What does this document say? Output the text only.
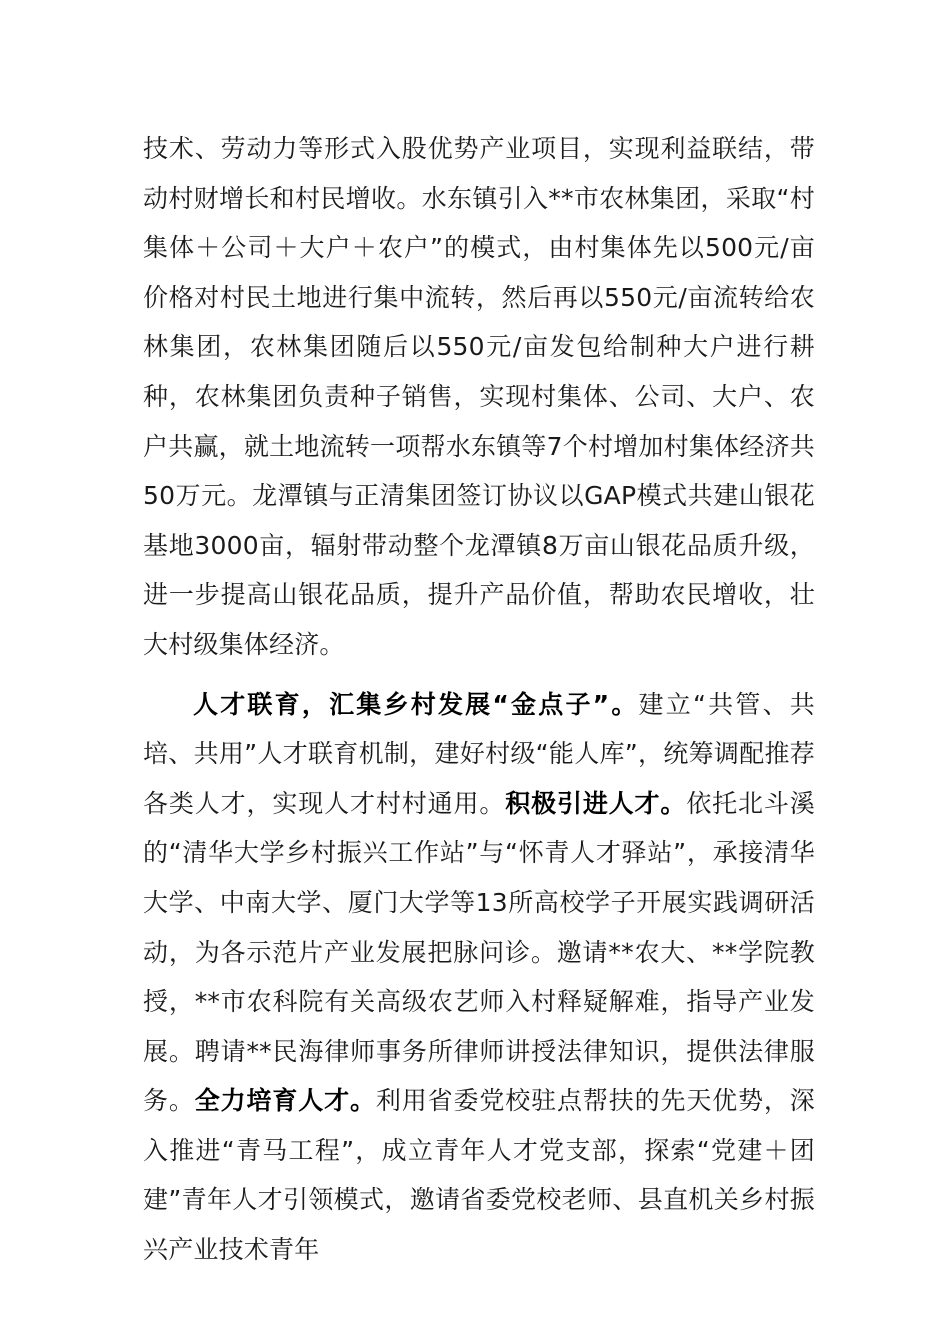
技术、劳动力等形式入股优势产业项目，实现利益联结，带动村财增长和村民增收。水东镇引入**市农林集团，采取“村集体＋公司＋大户＋农户”的模式，由村集体先以500元/亩价格对村民土地进行集中流转，然后再以550元/亩流转给农林集团，农林集团随后以550元/亩发包给制种大户进行耕种，农林集团负责种子销售，实现村集体、公司、大户、农户共赢，就土地流转一项帮水东镇等7个村增加村集体经济共50万元。龙潭镇与正清集团签订协议以GAP模式共建山银花基地3000亩，辐射带动整个龙潭镇8万亩山银花品质升级，进一步提高山银花品质，提升产品价值，帮助农民增收，壮大村级集体经济。

人才联育，汇集乡村发展“金点子”。建立“共管、共培、共用”人才联育机制，建好村级“能人库”，统筹调配推荐各类人才，实现人才村村通用。积极引进人才。依托北斗溪的“清华大学乡村振兴工作站”与“怀青人才驿站”，承接清华大学、中南大学、厦门大学等13所高校学子开展实践调研活动，为各示范片产业发展把脉问诊。邀请**农大、**学院教授，**市农科院有关高级农艺师入村释疑解难，指导产业发展。聘请**民海律师事务所律师讲授法律知识，提供法律服务。全力培育人才。利用省委党校驻点帮扶的先天优势，深入推进“青马工程”，成立青年人才党支部，探索“党建＋团建”青年人才引领模式，邀请省委党校老师、县直机关乡村振兴产业技术青年
